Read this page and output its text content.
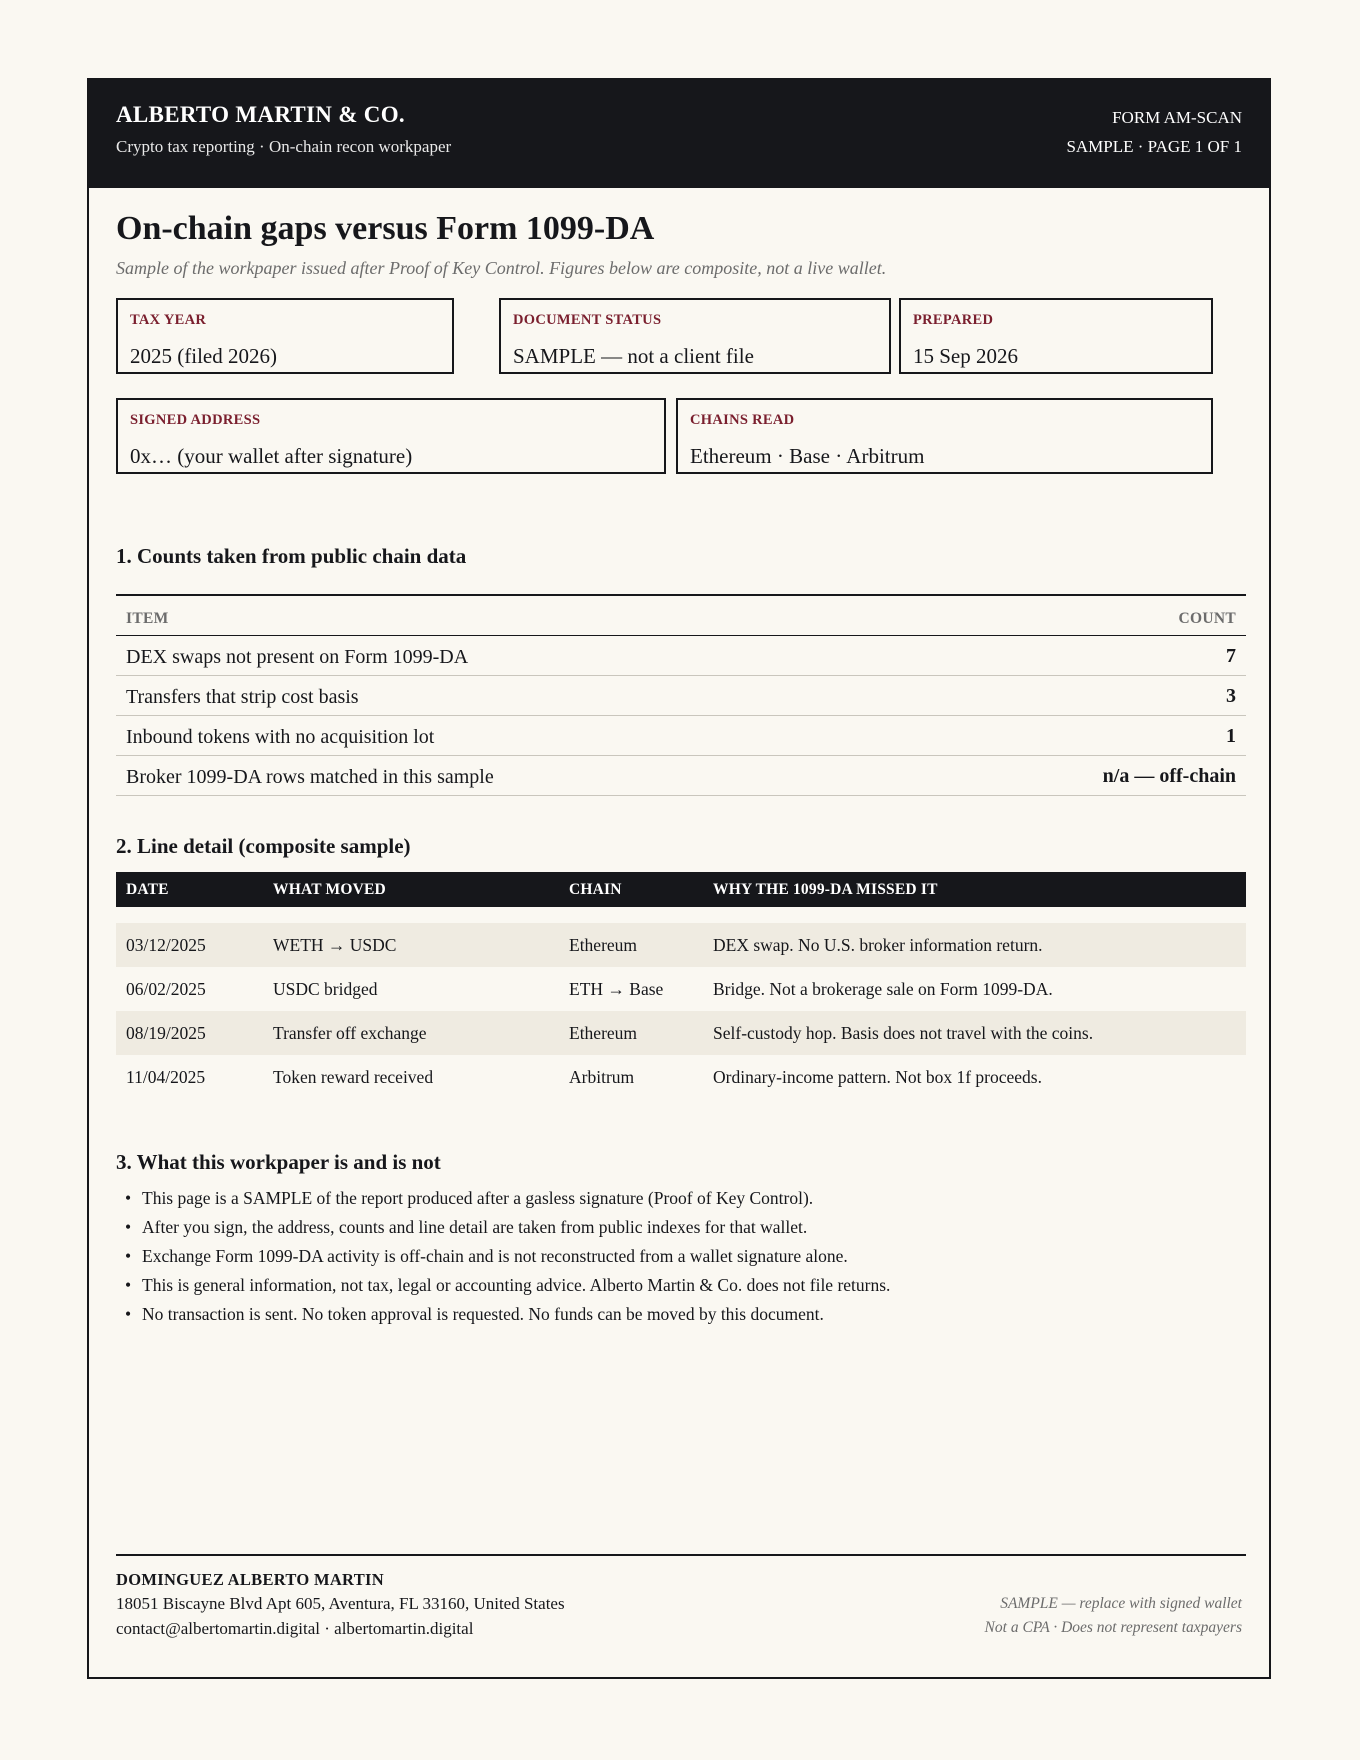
ALBERTO MARTIN & CO.
Crypto tax reporting · On-chain recon workpaper
FORM AM-SCAN
SAMPLE · PAGE 1 OF 1
On-chain gaps versus Form 1099-DA
Sample of the workpaper issued after Proof of Key Control. Figures below are composite, not a live wallet.
TAX YEAR
2025 (filed 2026)
DOCUMENT STATUS
SAMPLE — not a client file
PREPARED
15 Sep 2026
SIGNED ADDRESS
0x… (your wallet after signature)
CHAINS READ
Ethereum · Base · Arbitrum
1. Counts taken from public chain data
ITEM	COUNT
DEX swaps not present on Form 1099-DA	7
Transfers that strip cost basis	3
Inbound tokens with no acquisition lot	1
Broker 1099-DA rows matched in this sample	n/a — off-chain
2. Line detail (composite sample)
DATE	WHAT MOVED	CHAIN	WHY THE 1099-DA MISSED IT
03/12/2025	WETH → USDC	Ethereum	DEX swap. No U.S. broker information return.
06/02/2025	USDC bridged	ETH → Base	Bridge. Not a brokerage sale on Form 1099-DA.
08/19/2025	Transfer off exchange	Ethereum	Self-custody hop. Basis does not travel with the coins.
11/04/2025	Token reward received	Arbitrum	Ordinary-income pattern. Not box 1f proceeds.
3. What this workpaper is and is not
• This page is a SAMPLE of the report produced after a gasless signature (Proof of Key Control).
• After you sign, the address, counts and line detail are taken from public indexes for that wallet.
• Exchange Form 1099-DA activity is off-chain and is not reconstructed from a wallet signature alone.
• This is general information, not tax, legal or accounting advice. Alberto Martin & Co. does not file returns.
• No transaction is sent. No token approval is requested. No funds can be moved by this document.
DOMINGUEZ ALBERTO MARTIN
18051 Biscayne Blvd Apt 605, Aventura, FL 33160, United States
contact@albertomartin.digital · albertomartin.digital
SAMPLE — replace with signed wallet
Not a CPA · Does not represent taxpayers
